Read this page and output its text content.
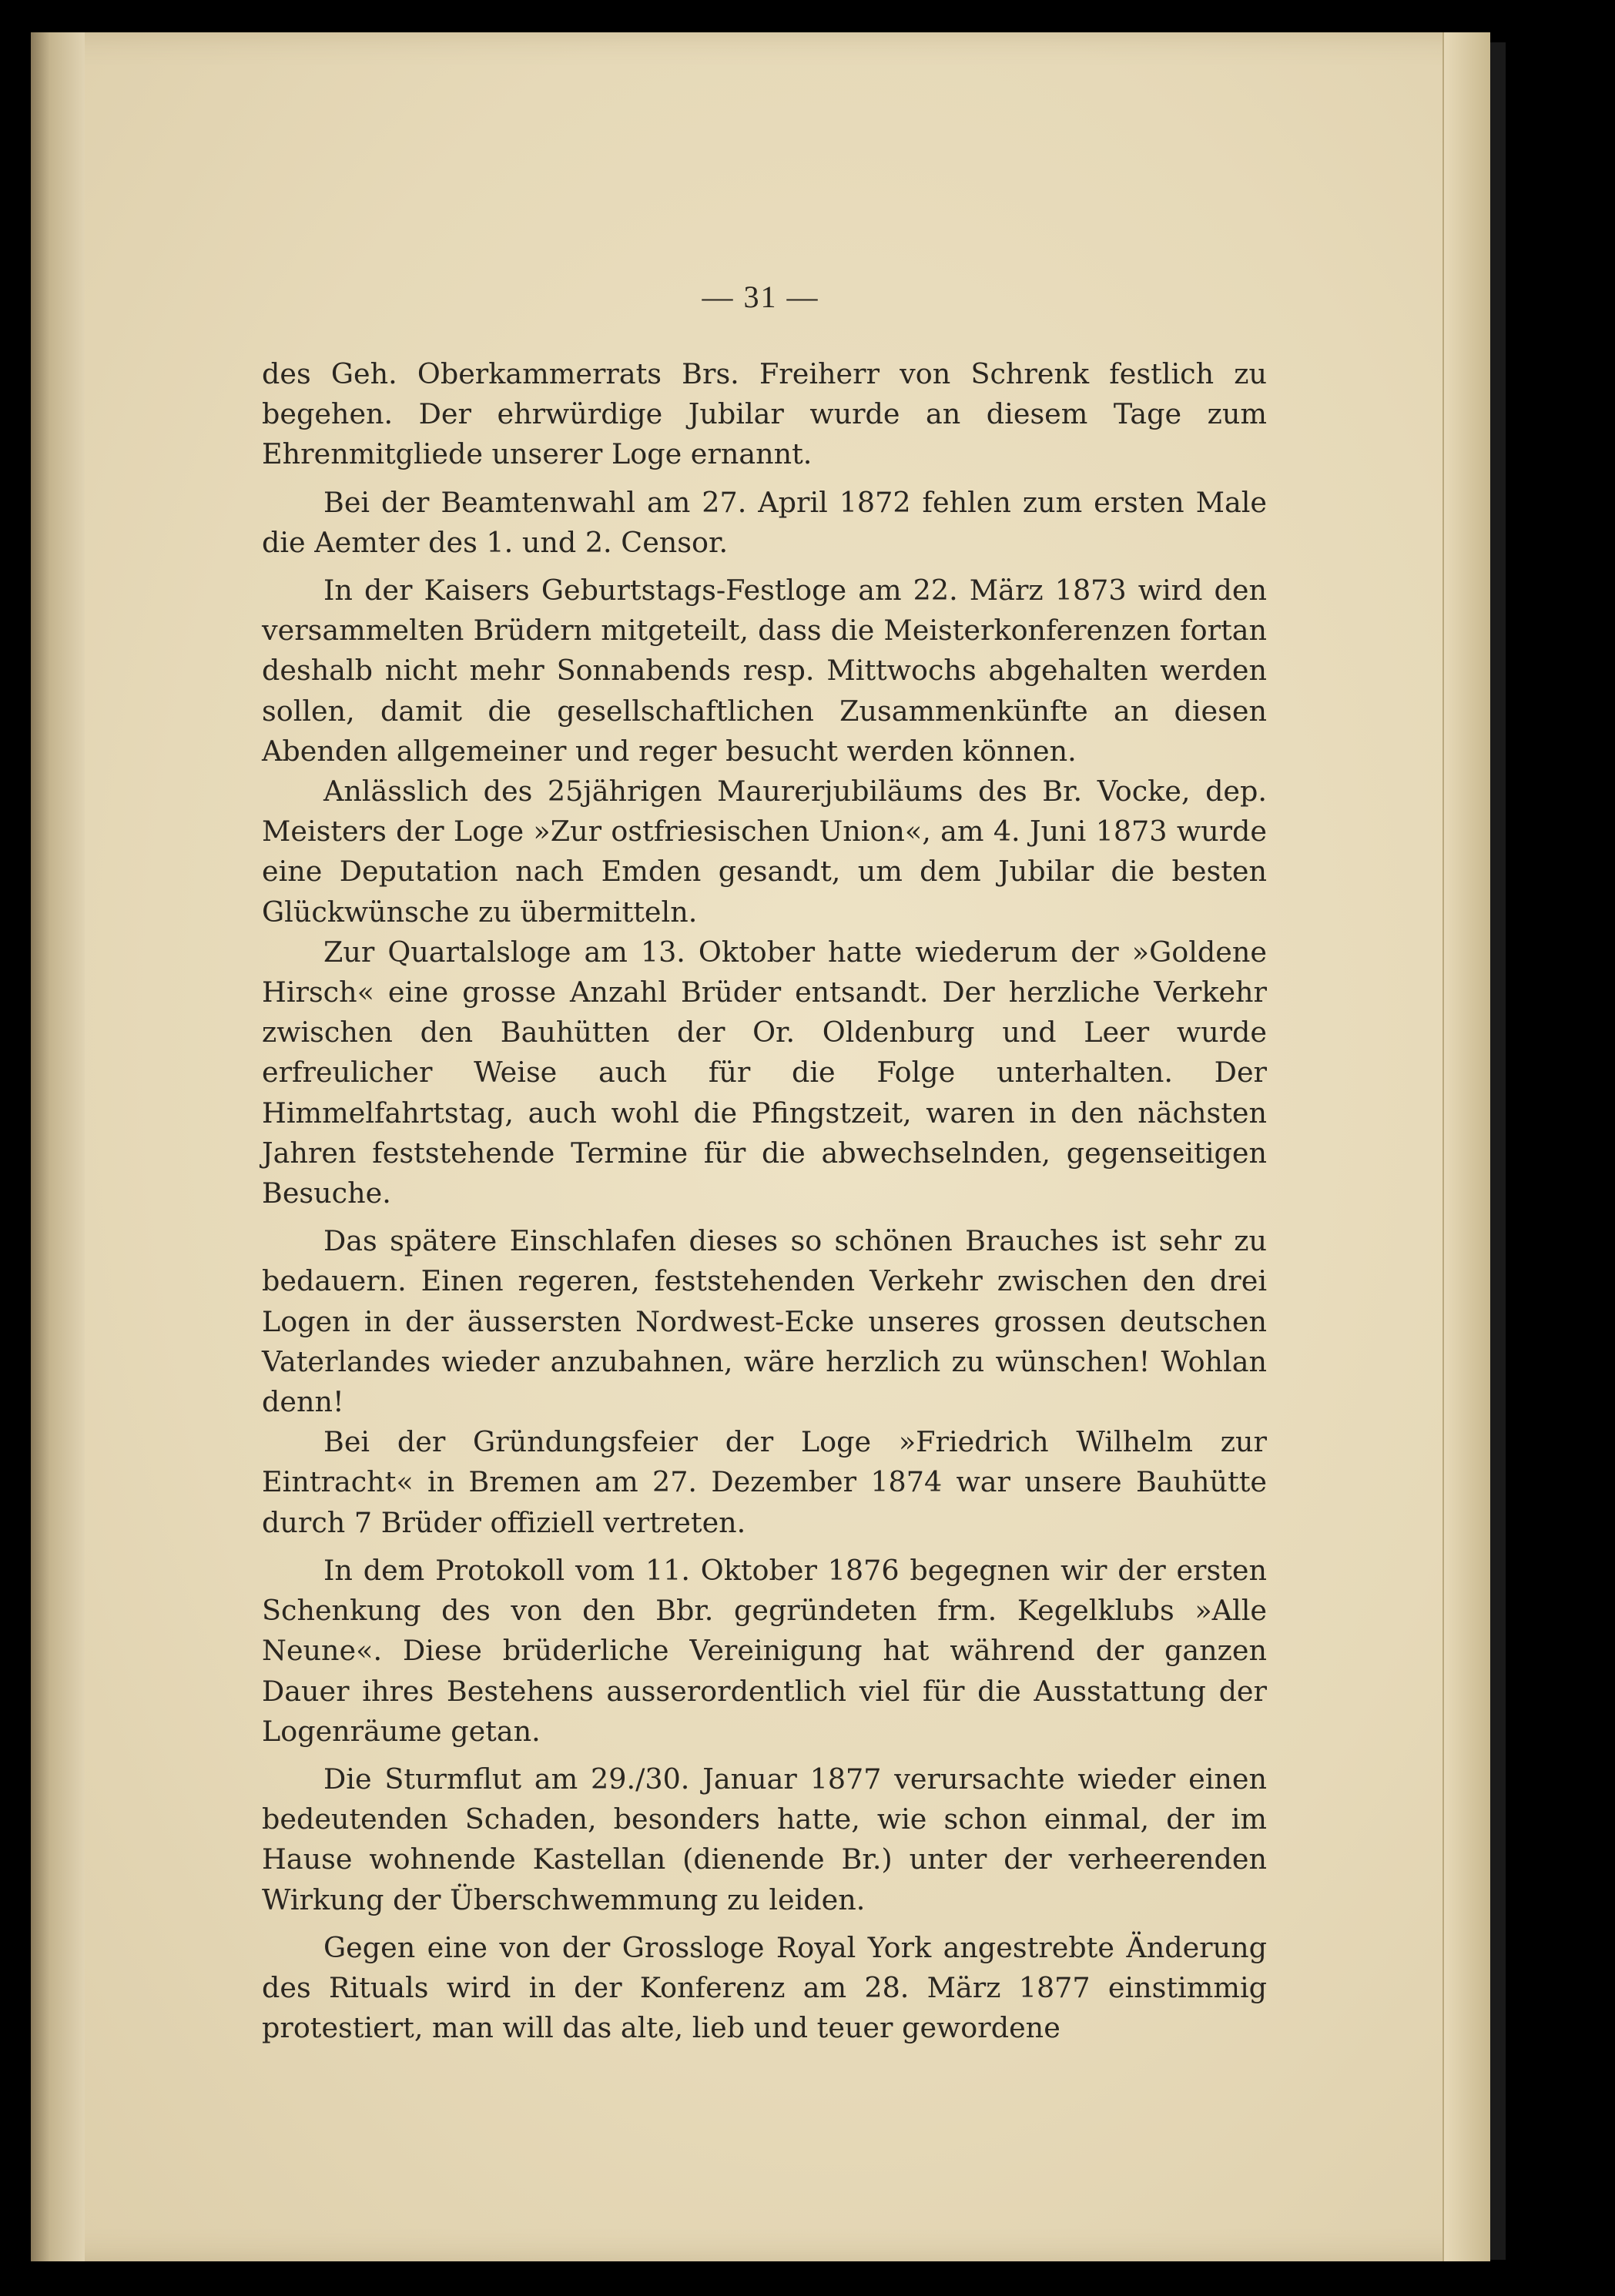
— 31 —

des Geh. Oberkammerrats Brs. Freiherr von Schrenk festlich zu begehen. Der ehrwürdige Jubilar wurde an diesem Tage zum Ehrenmitgliede unserer Loge ernannt.

Bei der Beamtenwahl am 27. April 1872 fehlen zum ersten Male die Aemter des 1. und 2. Censor.

In der Kaisers Geburtstags-Festloge am 22. März 1873 wird den versammelten Brüdern mitgeteilt, dass die Meisterkonferenzen fortan deshalb nicht mehr Sonnabends resp. Mittwochs abgehalten werden sollen, damit die gesellschaftlichen Zusammenkünfte an diesen Abenden allgemeiner und reger besucht werden können.

Anlässlich des 25jährigen Maurerjubiläums des Br. Vocke, dep. Meisters der Loge »Zur ostfriesischen Union«, am 4. Juni 1873 wurde eine Deputation nach Emden gesandt, um dem Jubilar die besten Glückwünsche zu übermitteln.

Zur Quartalsloge am 13. Oktober hatte wiederum der »Goldene Hirsch« eine grosse Anzahl Brüder entsandt. Der herzliche Verkehr zwischen den Bauhütten der Or. Oldenburg und Leer wurde erfreulicher Weise auch für die Folge unterhalten. Der Himmelfahrtstag, auch wohl die Pfingstzeit, waren in den nächsten Jahren feststehende Termine für die abwechselnden, gegenseitigen Besuche.

Das spätere Einschlafen dieses so schönen Brauches ist sehr zu bedauern. Einen regeren, feststehenden Verkehr zwischen den drei Logen in der äussersten Nordwest-Ecke unseres grossen deutschen Vaterlandes wieder anzubahnen, wäre herzlich zu wünschen! Wohlan denn!

Bei der Gründungsfeier der Loge »Friedrich Wilhelm zur Eintracht« in Bremen am 27. Dezember 1874 war unsere Bauhütte durch 7 Brüder offiziell vertreten.

In dem Protokoll vom 11. Oktober 1876 begegnen wir der ersten Schenkung des von den Bbr. gegründeten frm. Kegelklubs »Alle Neune«. Diese brüderliche Vereinigung hat während der ganzen Dauer ihres Bestehens ausserordentlich viel für die Ausstattung der Logenräume getan.

Die Sturmflut am 29./30. Januar 1877 verursachte wieder einen bedeutenden Schaden, besonders hatte, wie schon einmal, der im Hause wohnende Kastellan (dienende Br.) unter der verheerenden Wirkung der Überschwemmung zu leiden.

Gegen eine von der Grossloge Royal York angestrebte Änderung des Rituals wird in der Konferenz am 28. März 1877 einstimmig protestiert, man will das alte, lieb und teuer gewordene
